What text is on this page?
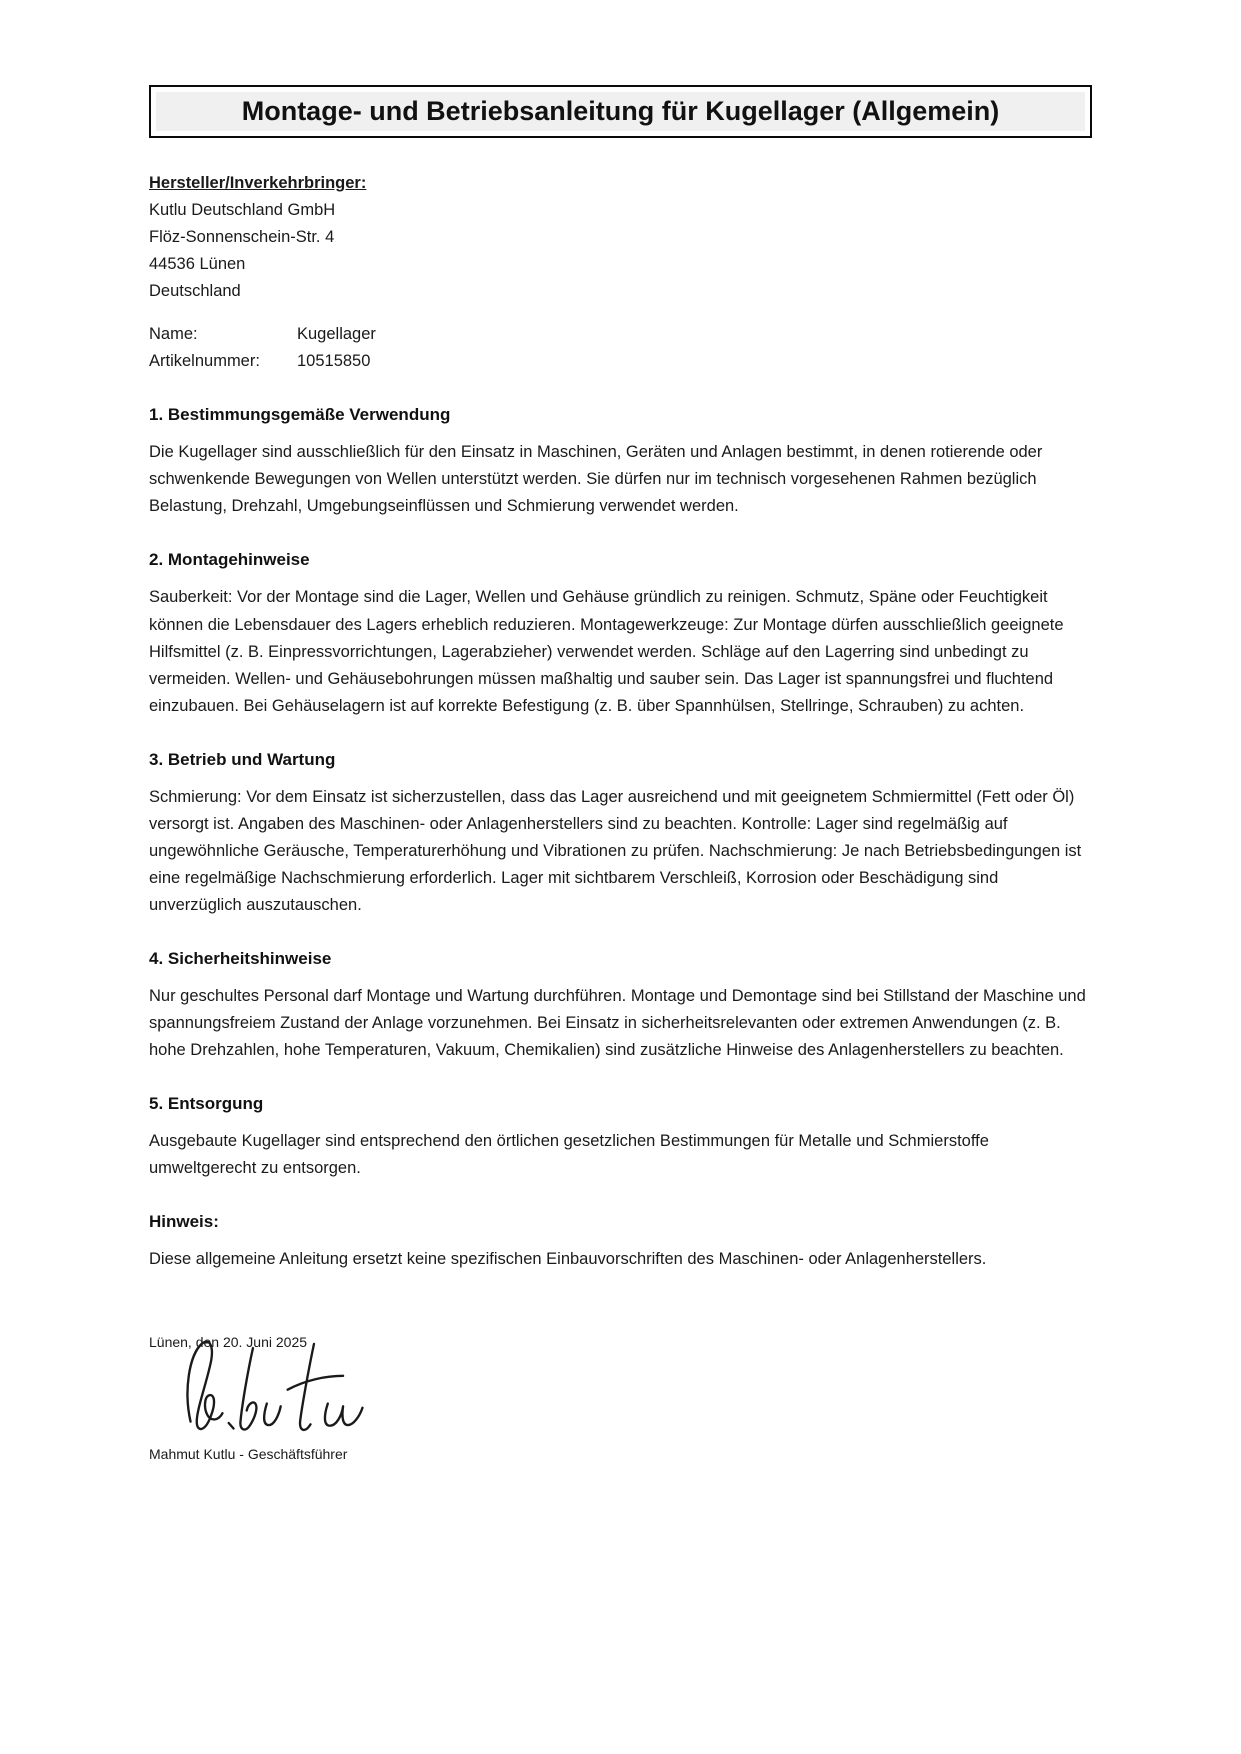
Montage- und Betriebsanleitung für Kugellager (Allgemein)

Hersteller/Inverkehrbringer:

Kutlu Deutschland GmbH

Flöz-Sonnenschein-Str. 4

44536 Lünen

Deutschland

Name:	Kugellager
Artikelnummer:	10515850
1. Bestimmungsgemäße Verwendung

Die Kugellager sind ausschließlich für den Einsatz in Maschinen, Geräten und Anlagen bestimmt, in denen rotierende oder schwenkende Bewegungen von Wellen unterstützt werden. Sie dürfen nur im technisch vorgesehenen Rahmen bezüglich Belastung, Drehzahl, Umgebungseinflüssen und Schmierung verwendet werden.

2. Montagehinweise

Sauberkeit: Vor der Montage sind die Lager, Wellen und Gehäuse gründlich zu reinigen. Schmutz, Späne oder Feuchtigkeit können die Lebensdauer des Lagers erheblich reduzieren. Montagewerkzeuge: Zur Montage dürfen ausschließlich geeignete Hilfsmittel (z. B. Einpressvorrichtungen, Lagerabzieher) verwendet werden. Schläge auf den Lagerring sind unbedingt zu vermeiden. Wellen- und Gehäusebohrungen müssen maßhaltig und sauber sein. Das Lager ist spannungsfrei und fluchtend einzubauen. Bei Gehäuselagern ist auf korrekte Befestigung (z. B. über Spannhülsen, Stellringe, Schrauben) zu achten.

3. Betrieb und Wartung

Schmierung: Vor dem Einsatz ist sicherzustellen, dass das Lager ausreichend und mit geeignetem Schmiermittel (Fett oder Öl) versorgt ist. Angaben des Maschinen- oder Anlagenherstellers sind zu beachten. Kontrolle: Lager sind regelmäßig auf ungewöhnliche Geräusche, Temperaturerhöhung und Vibrationen zu prüfen. Nachschmierung: Je nach Betriebsbedingungen ist eine regelmäßige Nachschmierung erforderlich. Lager mit sichtbarem Verschleiß, Korrosion oder Beschädigung sind unverzüglich auszutauschen.

4. Sicherheitshinweise

Nur geschultes Personal darf Montage und Wartung durchführen. Montage und Demontage sind bei Stillstand der Maschine und spannungsfreiem Zustand der Anlage vorzunehmen. Bei Einsatz in sicherheitsrelevanten oder extremen Anwendungen (z. B. hohe Drehzahlen, hohe Temperaturen, Vakuum, Chemikalien) sind zusätzliche Hinweise des Anlagenherstellers zu beachten.

5. Entsorgung

Ausgebaute Kugellager sind entsprechend den örtlichen gesetzlichen Bestimmungen für Metalle und Schmierstoffe umweltgerecht zu entsorgen.

Hinweis:

Diese allgemeine Anleitung ersetzt keine spezifischen Einbauvorschriften des Maschinen- oder Anlagenherstellers.

Lünen, den 20. Juni 2025

Mahmut Kutlu - Geschäftsführer
